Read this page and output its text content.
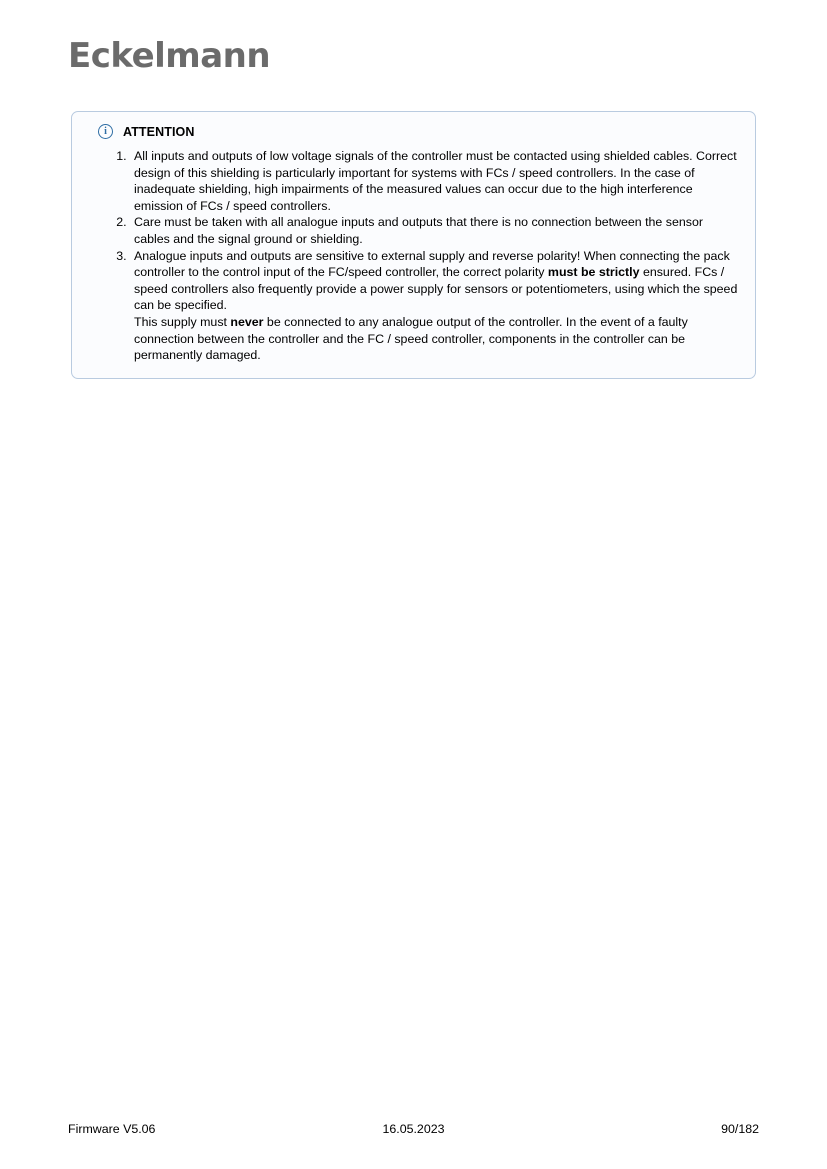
Eckelmann
i	ATTENTION

1. All inputs and outputs of low voltage signals of the controller must be contacted using shielded cables. Correct design of this shielding is particularly important for systems with FCs / speed controllers. In the case of inadequate shielding, high impairments of the measured values can occur due to the high interference emission of FCs / speed controllers.

2. Care must be taken with all analogue inputs and outputs that there is no connection between the sensor cables and the signal ground or shielding.

3. Analogue inputs and outputs are sensitive to external supply and reverse polarity! When connecting the pack controller to the control input of the FC/speed controller, the correct polarity must be strictly ensured. FCs / speed controllers also frequently provide a power supply for sensors or potentiometers, using which the speed can be specified.

This supply must never be connected to any analogue output of the controller. In the event of a faulty connection between the controller and the FC / speed controller, components in the controller can be permanently damaged.

Firmware V5.06	16.05.2023	90/182
